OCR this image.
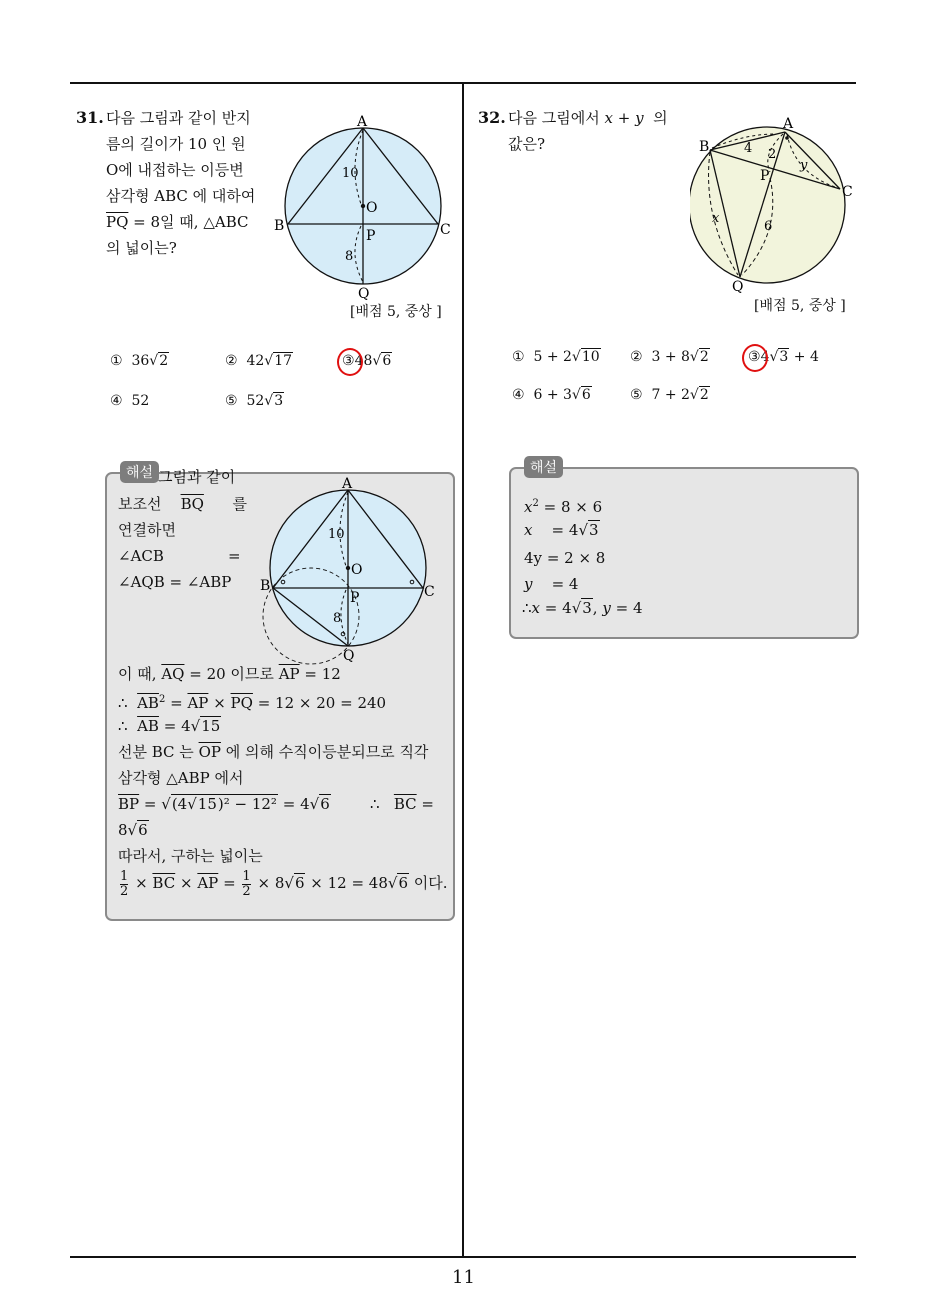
11
31. 다음 그림과 같이 반지
름의 길이가 10 인 원
O에 내접하는 이등변
삼각형 ABC 에 대하여
$\overline{PQ} = 8$일 때, △ABC
의 넓이는?
A
B	C
O
P
Q
10
8
[배점 5, 중상 ]
① 36√2	② 42√17	③48√6
④ 52	⑤ 52√3
해설
A
B	C
O
P
Q
10
8
그림과 같이
보조선 $\overline{BQ}$ 를
연결하면
∠ACB	=
∠AQB = ∠ABP
이 때, $\overline{AQ} = 20$ 이므로 $\overline{AP} = 12$
∴ $\overline{AB}^2 = \overline{AP} \times \overline{PQ} = 12 \times 20 = 240$
∴ $\overline{AB} = 4√15$
선분 BC 는 $\overline{OP}$ 에 의해 수직이등분되므로 직각
삼각형 △ABP 에서
$\overline{BP} = √(4√15)^2 - 12^2 = 4√6$	∴ $\overline{BC}$ =
8√6
따라서, 구하는 넓이는
$\frac{1}{2} \times \overline{BC} \times \overline{AP} = \frac{1}{2} \times 8√6 \times 12 = 48√6$ 이다.
32. 다음 그림에서 x + y 의
값은?
A
B
C
P
Q
4 2
y
x
6
[배점 5, 중상 ]
① 5 + 2√10 ② 3 + 8√2	③4√3 + 4
④ 6 + 3√6	⑤ 7 + 2√2
해설
$x^2 = 8 \times 6$
x = 4√3
4y = 2 × 8
y = 4
∴x = 4√3, y = 4
